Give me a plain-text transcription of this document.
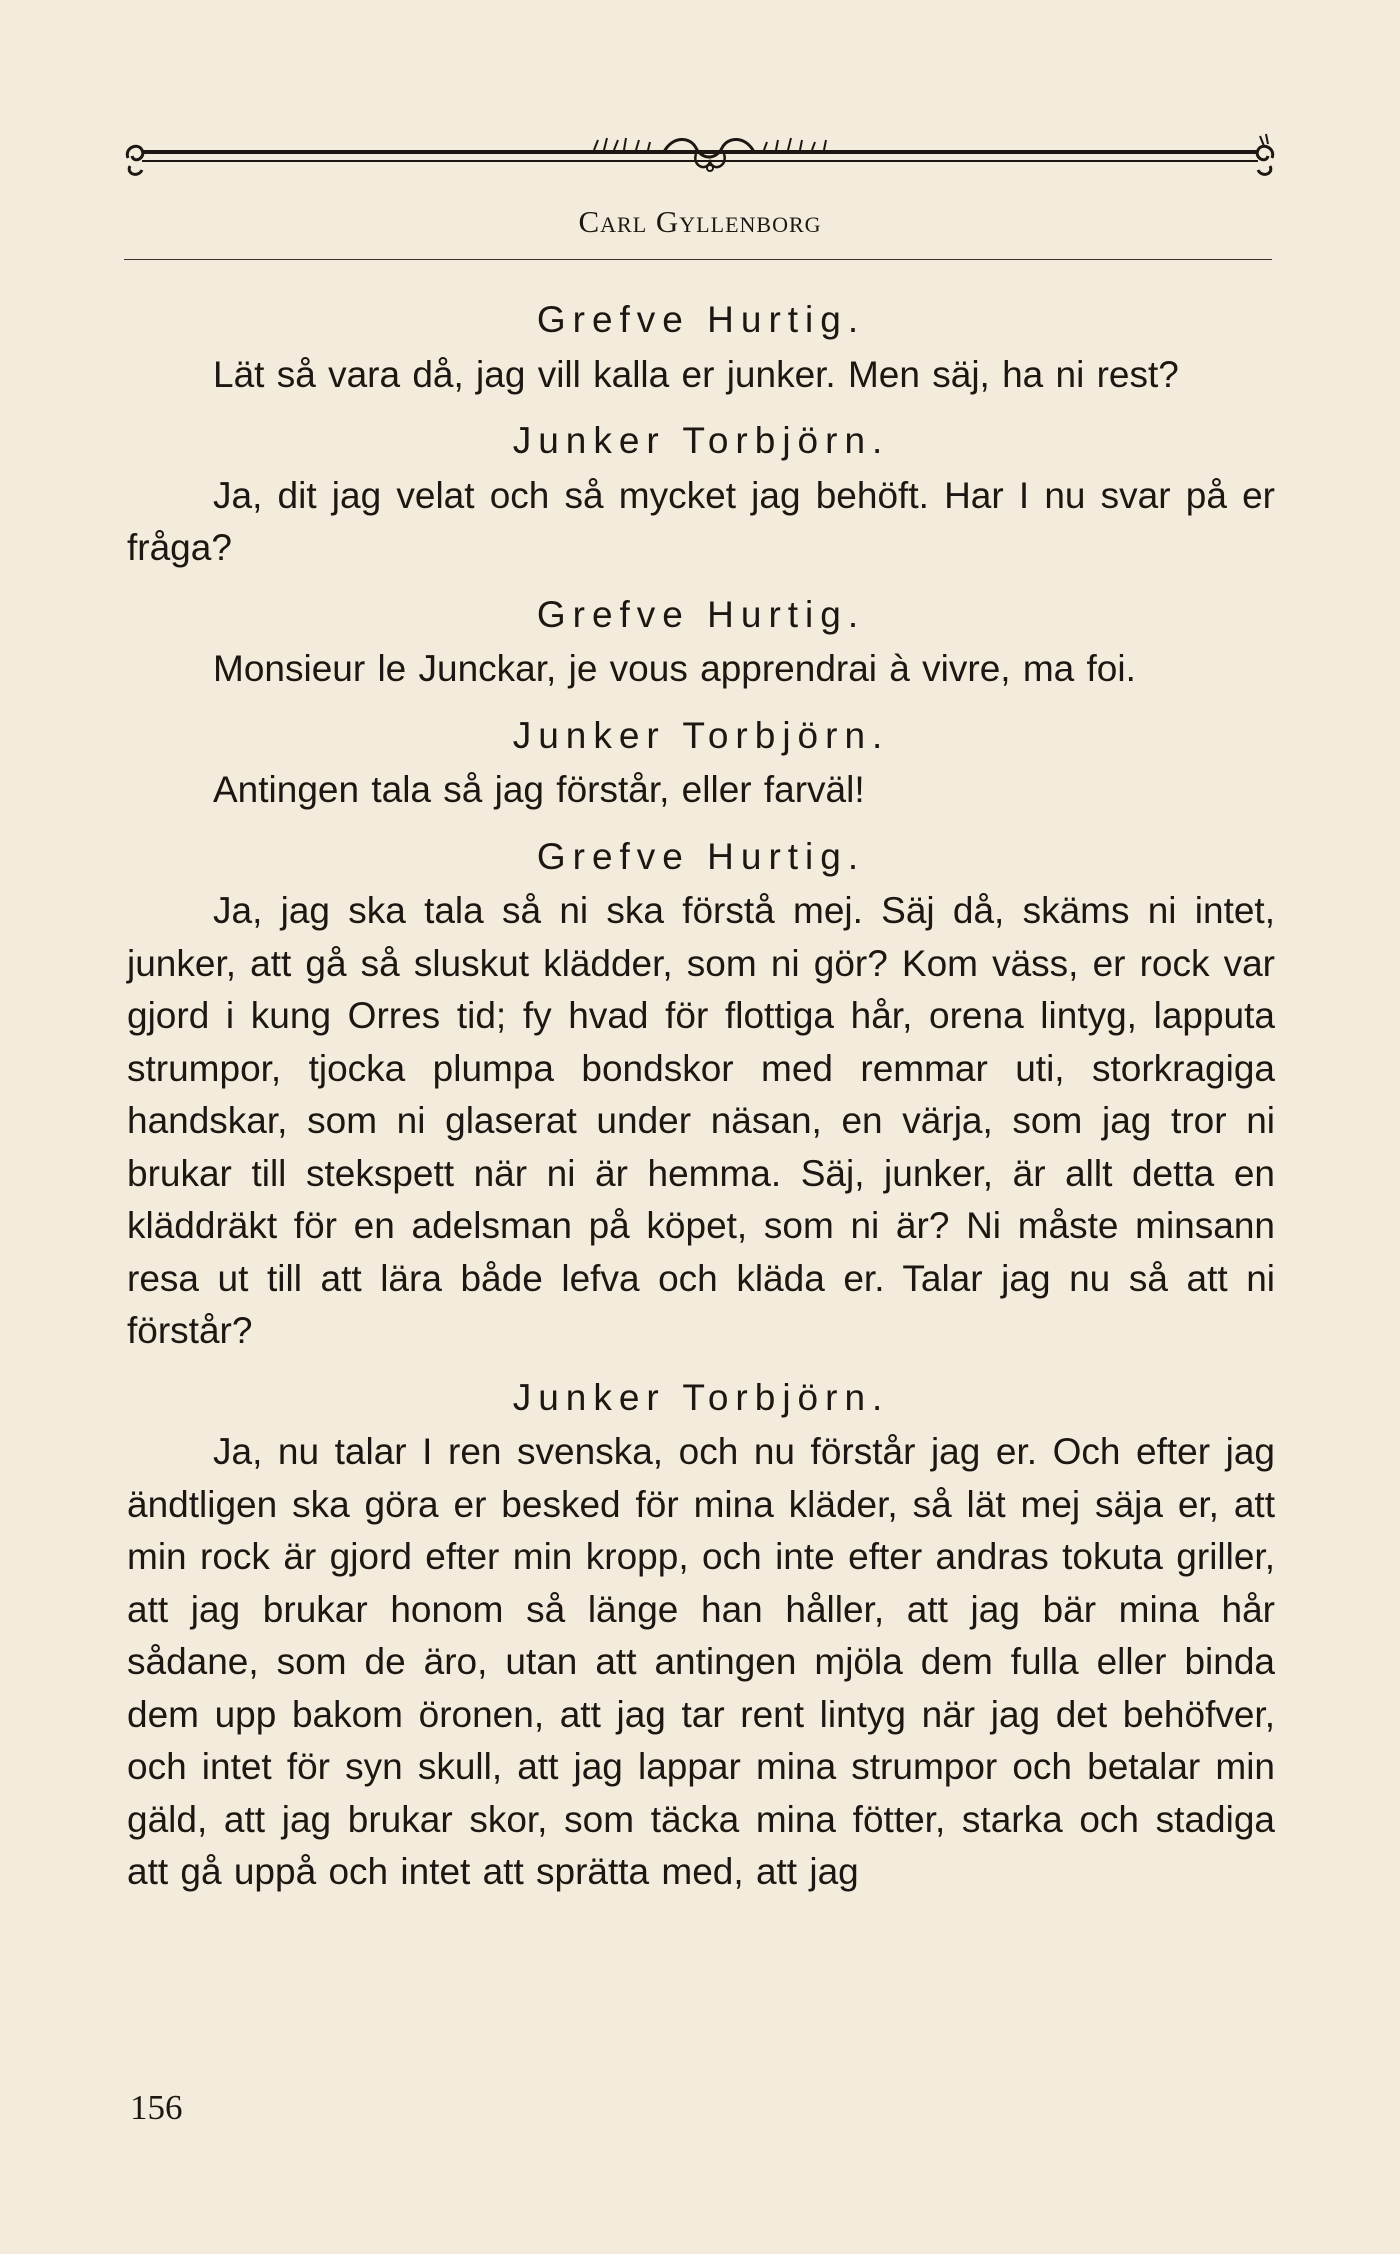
Carl Gyllenborg
Grefve Hurtig.
Lät så vara då, jag vill kalla er junker. Men säj, ha ni rest?
Junker Torbjörn.
Ja, dit jag velat och så mycket jag behöft. Har I nu svar på er fråga?
Grefve Hurtig.
Monsieur le Junckar, je vous apprendrai à vivre, ma foi.
Junker Torbjörn.
Antingen tala så jag förstår, eller farväl!
Grefve Hurtig.
Ja, jag ska tala så ni ska förstå mej. Säj då, skäms ni intet, junker, att gå så sluskut klädder, som ni gör? Kom väss, er rock var gjord i kung Orres tid; fy hvad för flottiga hår, orena lintyg, lapputa strumpor, tjocka plumpa bondskor med remmar uti, storkragiga handskar, som ni glaserat under näsan, en värja, som jag tror ni brukar till stekspett när ni är hemma. Säj, junker, är allt detta en kläddräkt för en adelsman på köpet, som ni är? Ni måste minsann resa ut till att lära både lefva och kläda er. Talar jag nu så att ni förstår?
Junker Torbjörn.
Ja, nu talar I ren svenska, och nu förstår jag er. Och efter jag ändtligen ska göra er besked för mina kläder, så lät mej säja er, att min rock är gjord efter min kropp, och inte efter andras tokuta griller, att jag brukar honom så länge han håller, att jag bär mina hår sådane, som de äro, utan att antingen mjöla dem fulla eller binda dem upp bakom öronen, att jag tar rent lintyg när jag det behöfver, och intet för syn skull, att jag lappar mina strumpor och betalar min gäld, att jag brukar skor, som täcka mina fötter, starka och stadiga att gå uppå och intet att sprätta med, att jag
156
